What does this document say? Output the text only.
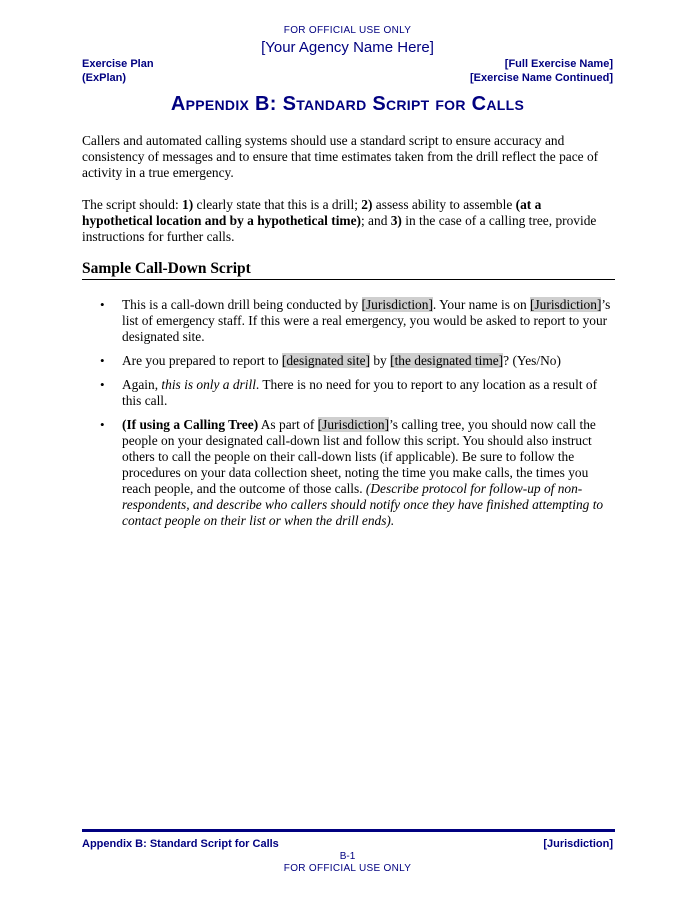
FOR OFFICIAL USE ONLY
[Your Agency Name Here]
Exercise Plan
(ExPlan)
[Full Exercise Name]
[Exercise Name Continued]
Appendix B: Standard Script for Calls

Callers and automated calling systems should use a standard script to ensure accuracy and consistency of messages and to ensure that time estimates taken from the drill reflect the pace of activity in a true emergency.

The script should: 1) clearly state that this is a drill; 2) assess ability to assemble (at a hypothetical location and by a hypothetical time); and 3) in the case of a calling tree, provide instructions for further calls.

Sample Call-Down Script
• This is a call-down drill being conducted by [Jurisdiction]. Your name is on [Jurisdiction]’s list of emergency staff. If this were a real emergency, you would be asked to report to your designated site.
• Are you prepared to report to [designated site] by [the designated time]? (Yes/No)
• Again, this is only a drill. There is no need for you to report to any location as a result of this call.
• (If using a Calling Tree) As part of [Jurisdiction]’s calling tree, you should now call the people on your designated call-down list and follow this script. You should also instruct others to call the people on their call-down lists (if applicable). Be sure to follow the procedures on your data collection sheet, noting the time you make calls, the times you reach people, and the outcome of those calls. (Describe protocol for follow-up of non-respondents, and describe who callers should notify once they have finished attempting to contact people on their list or when the drill ends).
Appendix B: Standard Script for Calls	[Jurisdiction]
B-1
FOR OFFICIAL USE ONLY
